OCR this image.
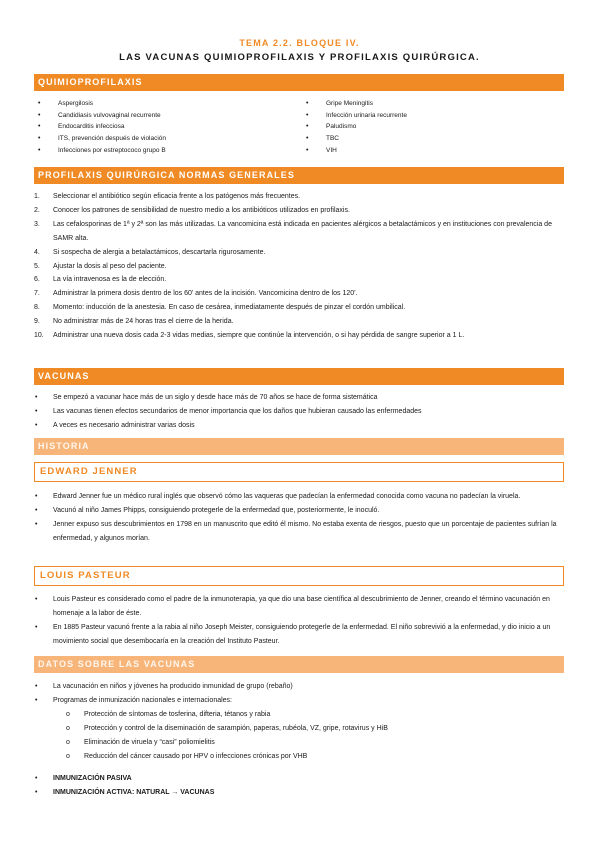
TEMA 2.2. BLOQUE IV.
LAS VACUNAS QUIMIOPROFILAXIS Y PROFILAXIS QUIRÚRGICA.
QUIMIOPROFILAXIS
•	Aspergilosis
•	Candidiasis vulvovaginal recurrente
•	Endocarditis infecciosa
•	ITS, prevención después de violación
•	Infecciones por estreptococo grupo B
•	Gripe Meningitis
•	Infección urinaria recurrente
•	Paludismo
•	TBC
•	VIH
PROFILAXIS QUIRÚRGICA NORMAS GENERALES
1. Seleccionar el antibiótico según eficacia frente a los patógenos más frecuentes.
2. Conocer los patrones de sensibilidad de nuestro medio a los antibióticos utilizados en profilaxis.
3. Las cefalosporinas de 1ª y 2ª son las más utilizadas. La vancomicina está indicada en pacientes alérgicos a betalactámicos y en instituciones con prevalencia de SAMR alta.
4. Si sospecha de alergia a betalactámicos, descartarla rigurosamente.
5. Ajustar la dosis al peso del paciente.
6. La vía intravenosa es la de elección.
7. Administrar la primera dosis dentro de los 60’ antes de la incisión. Vancomicina dentro de los 120’.
8. Momento: inducción de la anestesia. En caso de cesárea, inmediatamente después de pinzar el cordón umbilical.
9. No administrar más de 24 horas tras el cierre de la herida.
10. Administrar una nueva dosis cada 2-3 vidas medias, siempre que continúe la intervención, o si hay pérdida de sangre superior a 1 L.
VACUNAS
• Se empezó a vacunar hace más de un siglo y desde hace más de 70 años se hace de forma sistemática
• Las vacunas tienen efectos secundarios de menor importancia que los daños que hubieran causado las enfermedades
• A veces es necesario administrar varias dosis
HISTORIA
EDWARD JENNER
• Edward Jenner fue un médico rural inglés que observó cómo las vaqueras que padecían la enfermedad conocida como vacuna no padecían la viruela.
• Vacunó al niño James Phipps, consiguiendo protegerle de la enfermedad que, posteriormente, le inoculó.
• Jenner expuso sus descubrimientos en 1798 en un manuscrito que editó él mismo. No estaba exenta de riesgos, puesto que un porcentaje de pacientes sufrían la enfermedad, y algunos morían.
LOUIS PASTEUR
• Louis Pasteur es considerado como el padre de la inmunoterapia, ya que dio una base científica al descubrimiento de Jenner, creando el término vacunación en homenaje a la labor de éste.
• En 1885 Pasteur vacunó frente a la rabia al niño Joseph Meister, consiguiendo protegerle de la enfermedad. El niño sobrevivió a la enfermedad, y dio inicio a un movimiento social que desembocaría en la creación del Instituto Pasteur.
DATOS SOBRE LAS VACUNAS
• La vacunación en niños y jóvenes ha producido inmunidad de grupo (rebaño)
• Programas de inmunización nacionales e internacionales:
o Protección de síntomas de tosferina, difteria, tétanos y rabia
o Protección y control de la diseminación de sarampión, paperas, rubéola, VZ, gripe, rotavirus y HiB
o Eliminación de viruela y “casi” poliomielitis
o Reducción del cáncer causado por HPV o infecciones crónicas por VHB
• INMUNIZACIÓN PASIVA
• INMUNIZACIÓN ACTIVA: NATURAL → VACUNAS
